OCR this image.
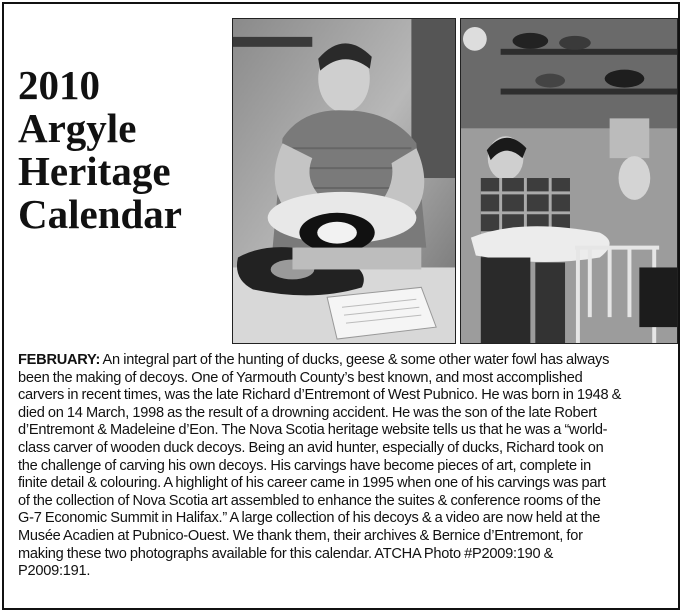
2010
Argyle
Heritage
Calendar
FEBRUARY: An integral part of the hunting of ducks, geese & some other water fowl has always
been the making of decoys. One of Yarmouth County’s best known, and most accomplished
carvers in recent times, was the late Richard d’Entremont of West Pubnico. He was born in 1948 &
died on 14 March, 1998 as the result of a drowning accident. He was the son of the late Robert
d’Entremont & Madeleine d’Eon. The Nova Scotia heritage website tells us that he was a “world-
class carver of wooden duck decoys. Being an avid hunter, especially of ducks, Richard took on
the challenge of carving his own decoys. His carvings have become pieces of art, complete in
finite detail & colouring. A highlight of his career came in 1995 when one of his carvings was part
of the collection of Nova Scotia art assembled to enhance the suites & conference rooms of the
G-7 Economic Summit in Halifax.” A large collection of his decoys & a video are now held at the
Musée Acadien at Pubnico-Ouest. We thank them, their archives & Bernice d’Entremont, for
making these two photographs available for this calendar. ATCHA Photo #P2009:190 &
P2009:191.
